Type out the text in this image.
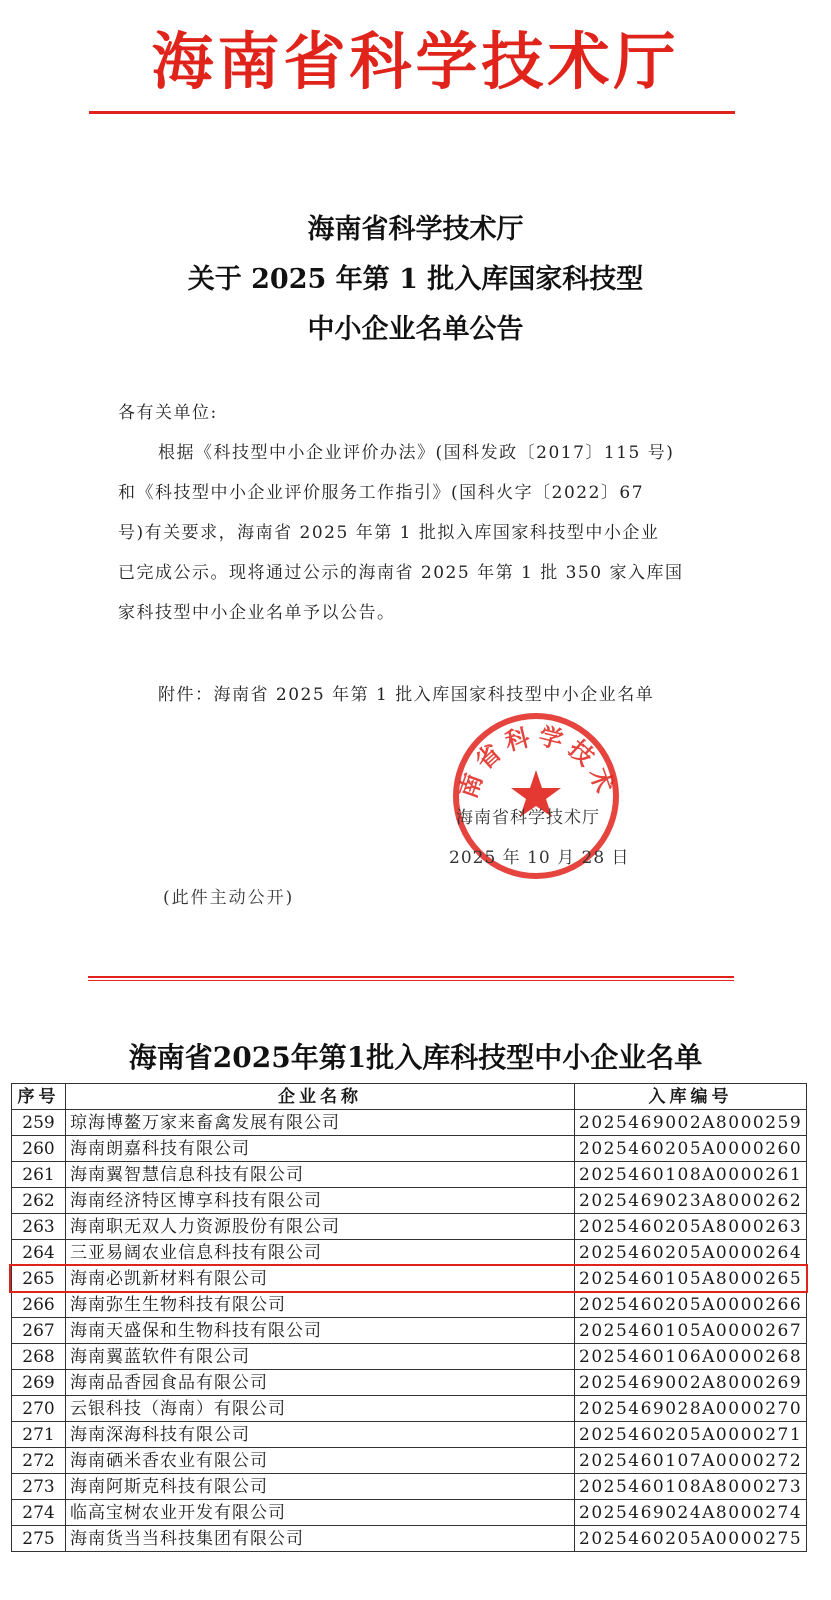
海南省科学技术厅
海南省科学技术厅
关于 2025 年第 1 批入库国家科技型
中小企业名单公告
各有关单位:
根据《科技型中小企业评价办法》(国科发政〔2017〕115 号)
和《科技型中小企业评价服务工作指引》(国科火字〔2022〕67
号)有关要求，海南省 2025 年第 1 批拟入库国家科技型中小企业
已完成公示。现将通过公示的海南省 2025 年第 1 批 350 家入库国
家科技型中小企业名单予以公告。
附件：海南省 2025 年第 1 批入库国家科技型中小企业名单
南省科学技术
海南省科学技术厅
2025 年 10 月 28 日
(此件主动公开)
海南省2025年第1批入库科技型中小企业名单
序号	企业名称	入库编号
259	琼海博鳌万家来畜禽发展有限公司	2025469002A8000259
260	海南朗嘉科技有限公司	2025460205A0000260
261	海南翼智慧信息科技有限公司	2025460108A0000261
262	海南经济特区博享科技有限公司	2025469023A8000262
263	海南职无双人力资源股份有限公司	2025460205A8000263
264	三亚易阔农业信息科技有限公司	2025460205A0000264
265	海南必凯新材料有限公司	2025460105A8000265
266	海南弥生生物科技有限公司	2025460205A0000266
267	海南天盛保和生物科技有限公司	2025460105A0000267
268	海南翼蓝软件有限公司	2025460106A0000268
269	海南品香园食品有限公司	2025469002A8000269
270	云银科技（海南）有限公司	2025469028A0000270
271	海南深海科技有限公司	2025460205A0000271
272	海南硒米香农业有限公司	2025460107A0000272
273	海南阿斯克科技有限公司	2025460108A8000273
274	临高宝树农业开发有限公司	2025469024A8000274
275	海南货当当科技集团有限公司	2025460205A0000275
